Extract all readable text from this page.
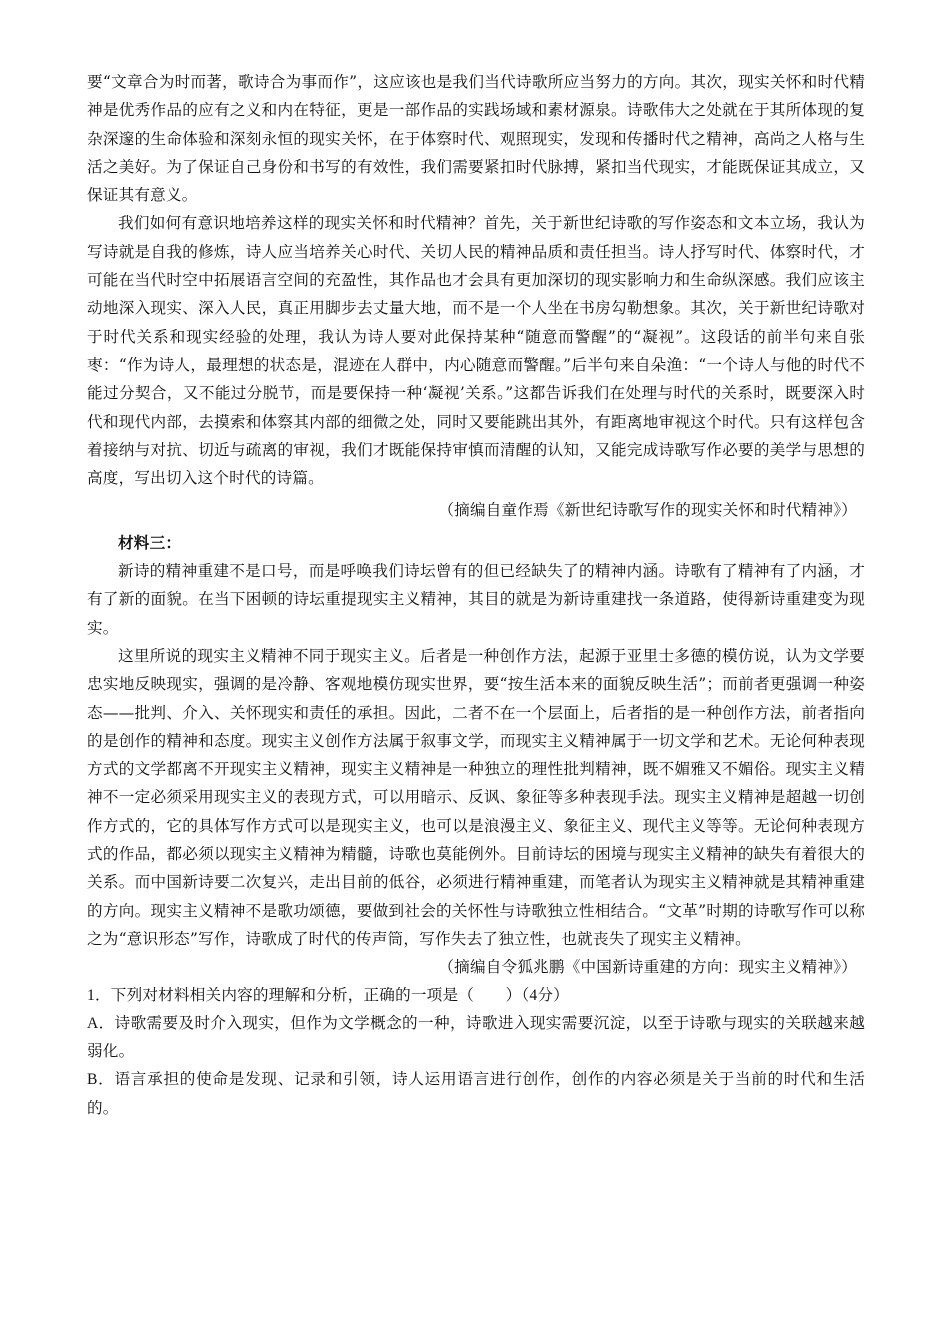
要“文章合为时而著，歌诗合为事而作”，这应该也是我们当代诗歌所应当努力的方向。其次，现实关怀和时代精神是优秀作品的应有之义和内在特征，更是一部作品的实践场域和素材源泉。诗歌伟大之处就在于其所体现的复杂深邃的生命体验和深刻永恒的现实关怀，在于体察时代、观照现实，发现和传播时代之精神，高尚之人格与生活之美好。为了保证自己身份和书写的有效性，我们需要紧扣时代脉搏，紧扣当代现实，才能既保证其成立，又保证其有意义。

我们如何有意识地培养这样的现实关怀和时代精神？首先，关于新世纪诗歌的写作姿态和文本立场，我认为写诗就是自我的修炼，诗人应当培养关心时代、关切人民的精神品质和责任担当。诗人抒写时代、体察时代，才可能在当代时空中拓展语言空间的充盈性，其作品也才会具有更加深切的现实影响力和生命纵深感。我们应该主动地深入现实、深入人民，真正用脚步去丈量大地，而不是一个人坐在书房勾勒想象。其次，关于新世纪诗歌对于时代关系和现实经验的处理，我认为诗人要对此保持某种“随意而警醒”的“凝视”。这段话的前半句来自张枣：“作为诗人，最理想的状态是，混迹在人群中，内心随意而警醒。”后半句来自朵渔：“一个诗人与他的时代不能过分契合，又不能过分脱节，而是要保持一种‘凝视’关系。”这都告诉我们在处理与时代的关系时，既要深入时代和现代内部，去摸索和体察其内部的细微之处，同时又要能跳出其外，有距离地审视这个时代。只有这样包含着接纳与对抗、切近与疏离的审视，我们才既能保持审慎而清醒的认知，又能完成诗歌写作必要的美学与思想的高度，写出切入这个时代的诗篇。

（摘编自童作焉《新世纪诗歌写作的现实关怀和时代精神》）

材料三：

新诗的精神重建不是口号，而是呼唤我们诗坛曾有的但已经缺失了的精神内涵。诗歌有了精神有了内涵，才有了新的面貌。在当下困顿的诗坛重提现实主义精神，其目的就是为新诗重建找一条道路，使得新诗重建变为现实。

这里所说的现实主义精神不同于现实主义。后者是一种创作方法，起源于亚里士多德的模仿说，认为文学要忠实地反映现实，强调的是冷静、客观地模仿现实世界，要“按生活本来的面貌反映生活”；而前者更强调一种姿态——批判、介入、关怀现实和责任的承担。因此，二者不在一个层面上，后者指的是一种创作方法，前者指向的是创作的精神和态度。现实主义创作方法属于叙事文学，而现实主义精神属于一切文学和艺术。无论何种表现方式的文学都离不开现实主义精神，现实主义精神是一种独立的理性批判精神，既不媚雅又不媚俗。现实主义精神不一定必须采用现实主义的表现方式，可以用暗示、反讽、象征等多种表现手法。现实主义精神是超越一切创作方式的，它的具体写作方式可以是现实主义，也可以是浪漫主义、象征主义、现代主义等等。无论何种表现方式的作品，都必须以现实主义精神为精髓，诗歌也莫能例外。目前诗坛的困境与现实主义精神的缺失有着很大的关系。而中国新诗要二次复兴，走出目前的低谷，必须进行精神重建，而笔者认为现实主义精神就是其精神重建的方向。现实主义精神不是歌功颂德，要做到社会的关怀性与诗歌独立性相结合。“文革”时期的诗歌写作可以称之为“意识形态”写作，诗歌成了时代的传声筒，写作失去了独立性，也就丧失了现实主义精神。

（摘编自令狐兆鹏《中国新诗重建的方向：现实主义精神》）

1．下列对材料相关内容的理解和分析，正确的一项是（　　）（4分）

A．诗歌需要及时介入现实，但作为文学概念的一种，诗歌进入现实需要沉淀，以至于诗歌与现实的关联越来越弱化。

B．语言承担的使命是发现、记录和引领，诗人运用语言进行创作，创作的内容必须是关于当前的时代和生活的。
